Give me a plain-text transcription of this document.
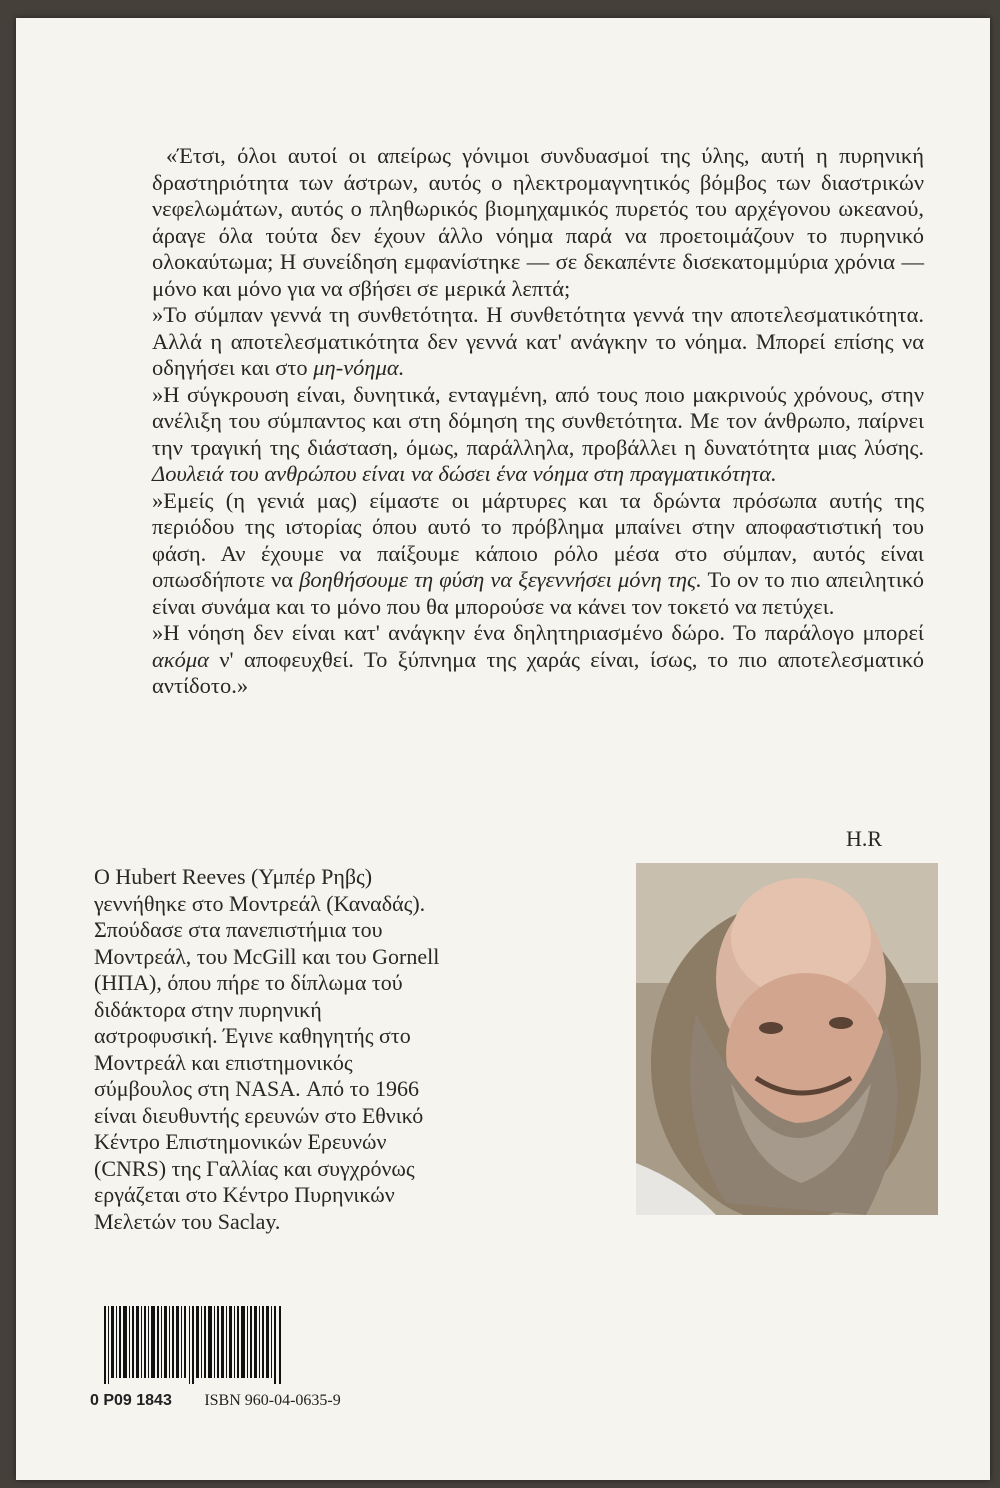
«Έτσι, όλοι αυτοί οι απείρως γόνιμοι συνδυασμοί της ύλης, αυτή η πυρηνική δραστηριότητα των άστρων, αυτός ο ηλεκτρομαγνητικός βόμβος των διαστρικών νεφελωμάτων, αυτός ο πληθωρικός βιομηχαμικός πυρετός του αρχέγονου ωκεανού, άραγε όλα τούτα δεν έχουν άλλο νόημα παρά να προετοιμάζουν το πυρηνικό ολοκαύτωμα; Η συνείδηση εμφανίστηκε — σε δεκαπέντε δισεκατομμύρια χρόνια — μόνο και μόνο για να σβήσει σε μερικά λεπτά;

»Το σύμπαν γεννά τη συνθετότητα. Η συνθετότητα γεννά την αποτελεσματικότητα. Αλλά η αποτελεσματικότητα δεν γεννά κατ' ανάγκην το νόημα. Μπορεί επίσης να οδηγήσει και στο μη-νόημα.

»Η σύγκρουση είναι, δυνητικά, ενταγμένη, από τους ποιο μακρινούς χρόνους, στην ανέλιξη του σύμπαντος και στη δόμηση της συνθετότητα. Με τον άνθρωπο, παίρνει την τραγική της διάσταση, όμως, παράλληλα, προβάλλει η δυνατότητα μιας λύσης. Δουλειά του ανθρώπου είναι να δώσει ένα νόημα στη πραγματικότητα.

»Εμείς (η γενιά μας) είμαστε οι μάρτυρες και τα δρώντα πρόσωπα αυτής της περιόδου της ιστορίας όπου αυτό το πρόβλημα μπαίνει στην αποφαστιστική του φάση. Αν έχουμε να παίξουμε κάποιο ρόλο μέσα στο σύμπαν, αυτός είναι οπωσδήποτε να βοηθήσουμε τη φύση να ξεγεννήσει μόνη της. Το ον το πιο απειλητικό είναι συνάμα και το μόνο που θα μπορούσε να κάνει τον τοκετό να πετύχει.

»Η νόηση δεν είναι κατ' ανάγκην ένα δηλητηριασμένο δώρο. Το παράλογο μπορεί ακόμα ν' αποφευχθεί. Το ξύπνημα της χαράς είναι, ίσως, το πιο αποτελεσματικό αντίδοτο.»

H.R
Ο Hubert Reeves (Υμπέρ Ρηβς)
γεννήθηκε στο Μοντρεάλ (Καναδάς).
Σπούδασε στα πανεπιστήμια του
Μοντρεάλ, του McGill και του Gornell
(ΗΠΑ), όπου πήρε το δίπλωμα τού
διδάκτορα στην πυρηνική
αστροφυσική. Έγινε καθηγητής στο
Μοντρεάλ και επιστημονικός
σύμβουλος στη NASA. Από το 1966
είναι διευθυντής ερευνών στο Εθνικό
Κέντρο Επιστημονικών Ερευνών
(CNRS) της Γαλλίας και συγχρόνως
εργάζεται στο Κέντρο Πυρηνικών
Μελετών του Saclay.
0 P09 1843 ISBN 960-04-0635-9
